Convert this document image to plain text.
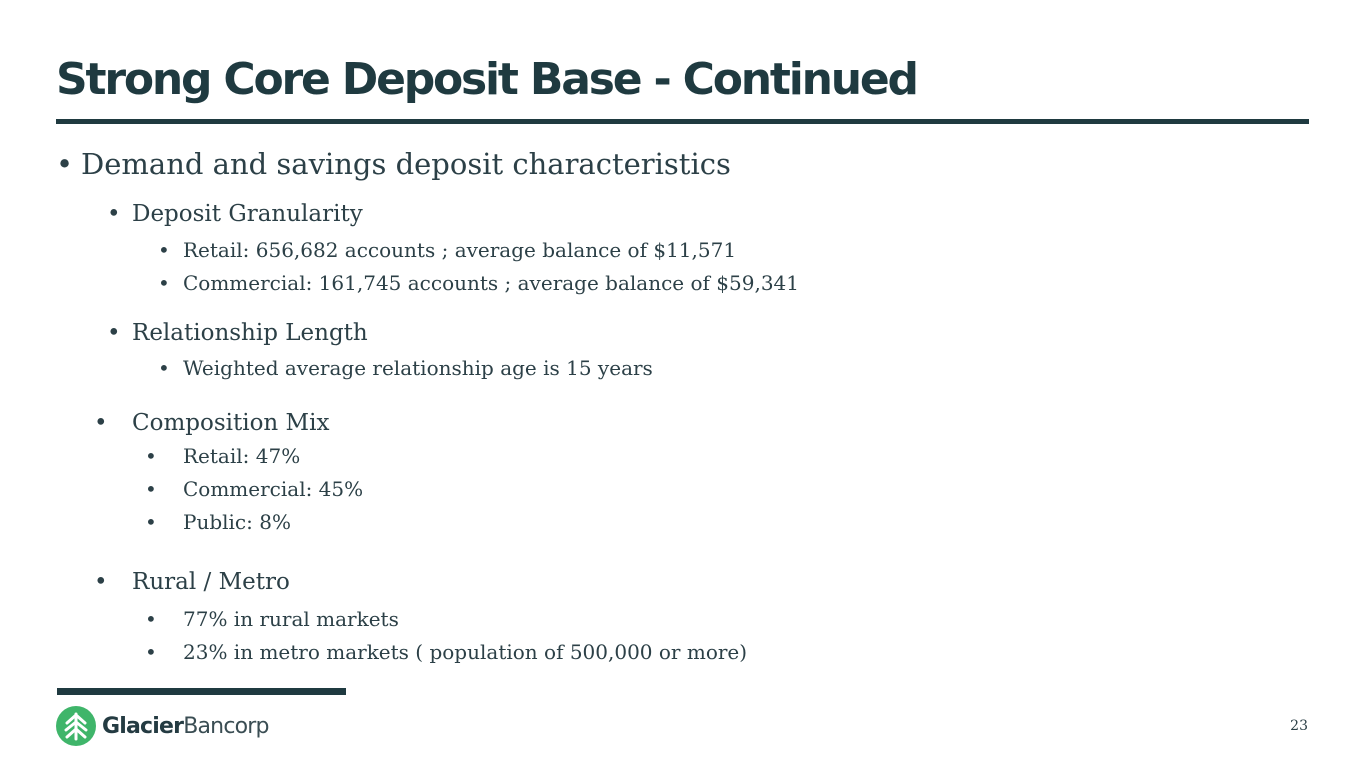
Strong Core Deposit Base - Continued
• Demand and savings deposit characteristics
• Deposit Granularity
• Retail: 656,682 accounts ; average balance of $11,571
• Commercial: 161,745 accounts ; average balance of $59,341
• Relationship Length
• Weighted average relationship age is 15 years
• Composition Mix
• Retail: 47%
• Commercial: 45%
• Public: 8%
• Rural / Metro
• 77% in rural markets
• 23% in metro markets ( population of 500,000 or more)
GlacierBancorp	23
